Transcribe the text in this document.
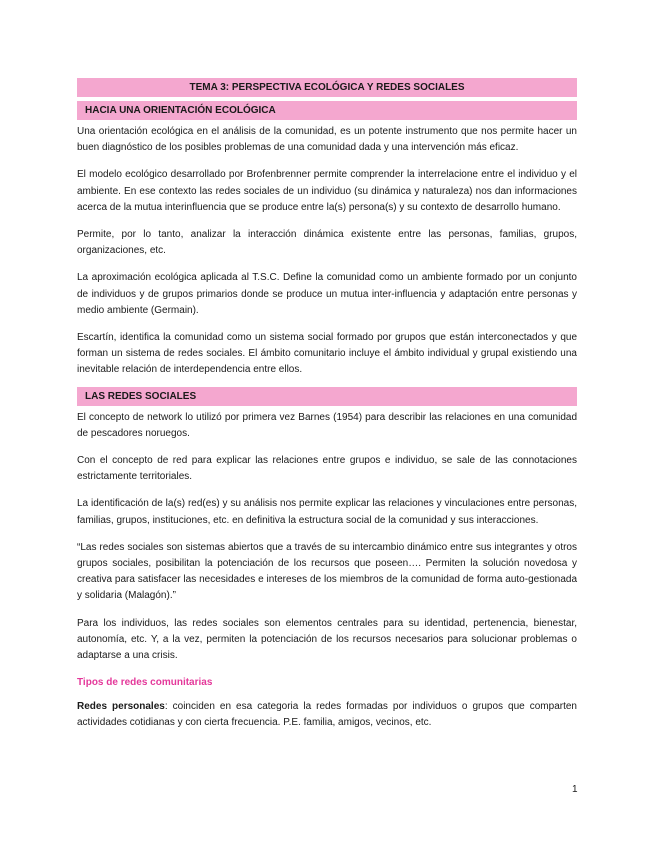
TEMA 3: PERSPECTIVA ECOLÓGICA Y REDES SOCIALES
HACIA UNA ORIENTACIÓN ECOLÓGICA

Una orientación ecológica en el análisis de la comunidad, es un potente instrumento que nos permite hacer un buen diagnóstico de los posibles problemas de una comunidad dada y una intervención más eficaz.

El modelo ecológico desarrollado por Brofenbrenner permite comprender la interrelacione entre el individuo y el ambiente. En ese contexto las redes sociales de un individuo (su dinámica y naturaleza) nos dan informaciones acerca de la mutua interinfluencia que se produce entre la(s) persona(s) y su contexto de desarrollo humano.

Permite, por lo tanto, analizar la interacción dinámica existente entre las personas, familias, grupos, organizaciones, etc.

La aproximación ecológica aplicada al T.S.C. Define la comunidad como un ambiente formado por un conjunto de individuos y de grupos primarios donde se produce un mutua inter-influencia y adaptación entre personas y medio ambiente (Germain).

Escartín, identifica la comunidad como un sistema social formado por grupos que están interconectados y que forman un sistema de redes sociales. El ámbito comunitario incluye el ámbito individual y grupal existiendo una inevitable relación de interdependencia entre ellos.

LAS REDES SOCIALES

El concepto de network lo utilizó por primera vez Barnes (1954) para describir las relaciones en una comunidad de pescadores noruegos.

Con el concepto de red para explicar las relaciones entre grupos e individuo, se sale de las connotaciones estrictamente territoriales.

La identificación de la(s) red(es) y su análisis nos permite explicar las relaciones y vinculaciones entre personas, familias, grupos, instituciones, etc. en definitiva la estructura social de la comunidad y sus interacciones.

“Las redes sociales son sistemas abiertos que a través de su intercambio dinámico entre sus integrantes y otros grupos sociales, posibilitan la potenciación de los recursos que poseen…. Permiten la solución novedosa y creativa para satisfacer las necesidades e intereses de los miembros de la comunidad de forma auto-gestionada y solidaria (Malagón).”

Para los individuos, las redes sociales son elementos centrales para su identidad, pertenencia, bienestar, autonomía, etc. Y, a la vez, permiten la potenciación de los recursos necesarios para solucionar problemas o adaptarse a una crisis.

Tipos de redes comunitarias

Redes personales: coinciden en esa categoria la redes formadas por individuos o grupos que comparten actividades cotidianas y con cierta frecuencia. P.E. familia, amigos, vecinos, etc.

1
